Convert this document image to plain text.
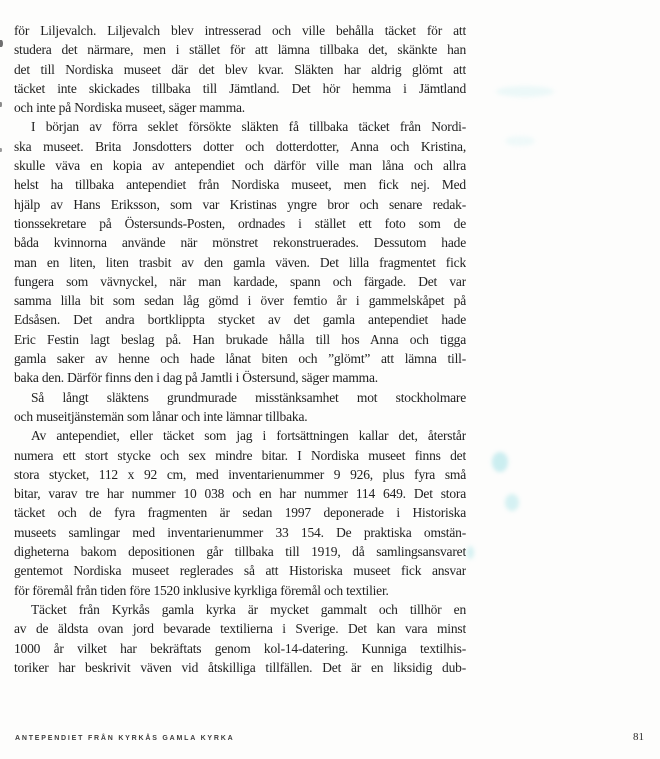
för Liljevalch. Liljevalch blev intresserad och ville behålla täcket för att
studera det närmare, men i stället för att lämna tillbaka det, skänkte han
det till Nordiska museet där det blev kvar. Släkten har aldrig glömt att
täcket inte skickades tillbaka till Jämtland. Det hör hemma i Jämtland
och inte på Nordiska museet, säger mamma.
I början av förra seklet försökte släkten få tillbaka täcket från Nordi-
ska museet. Brita Jonsdotters dotter och dotterdotter, Anna och Kristina,
skulle väva en kopia av antependiet och därför ville man låna och allra
helst ha tillbaka antependiet från Nordiska museet, men fick nej. Med
hjälp av Hans Eriksson, som var Kristinas yngre bror och senare redak-
tionssekretare på Östersunds-Posten, ordnades i stället ett foto som de
båda kvinnorna använde när mönstret rekonstruerades. Dessutom hade
man en liten, liten trasbit av den gamla väven. Det lilla fragmentet fick
fungera som vävnyckel, när man kardade, spann och färgade. Det var
samma lilla bit som sedan låg gömd i över femtio år i gammelskåpet på
Edsåsen. Det andra bortklippta stycket av det gamla antependiet hade
Eric Festin lagt beslag på. Han brukade hålla till hos Anna och tigga
gamla saker av henne och hade lånat biten och ”glömt” att lämna till-
baka den. Därför finns den i dag på Jamtli i Östersund, säger mamma.
Så långt släktens grundmurade misstänksamhet mot stockholmare
och museitjänstemän som lånar och inte lämnar tillbaka.
Av antependiet, eller täcket som jag i fortsättningen kallar det, återstår
numera ett stort stycke och sex mindre bitar. I Nordiska museet finns det
stora stycket, 112 x 92 cm, med inventarienummer 9 926, plus fyra små
bitar, varav tre har nummer 10 038 och en har nummer 114 649. Det stora
täcket och de fyra fragmenten är sedan 1997 deponerade i Historiska
museets samlingar med inventarienummer 33 154. De praktiska omstän-
digheterna bakom depositionen går tillbaka till 1919, då samlingsansvaret
gentemot Nordiska museet reglerades så att Historiska museet fick ansvar
för föremål från tiden före 1520 inklusive kyrkliga föremål och textilier.
Täcket från Kyrkås gamla kyrka är mycket gammalt och tillhör en
av de äldsta ovan jord bevarade textilierna i Sverige. Det kan vara minst
1000 år vilket har bekräftats genom kol-14-datering. Kunniga textilhis-
toriker har beskrivit väven vid åtskilliga tillfällen. Det är en liksidig dub-
ANTEPENDIET FRÅN KYRKÅS GAMLA KYRKA	81
